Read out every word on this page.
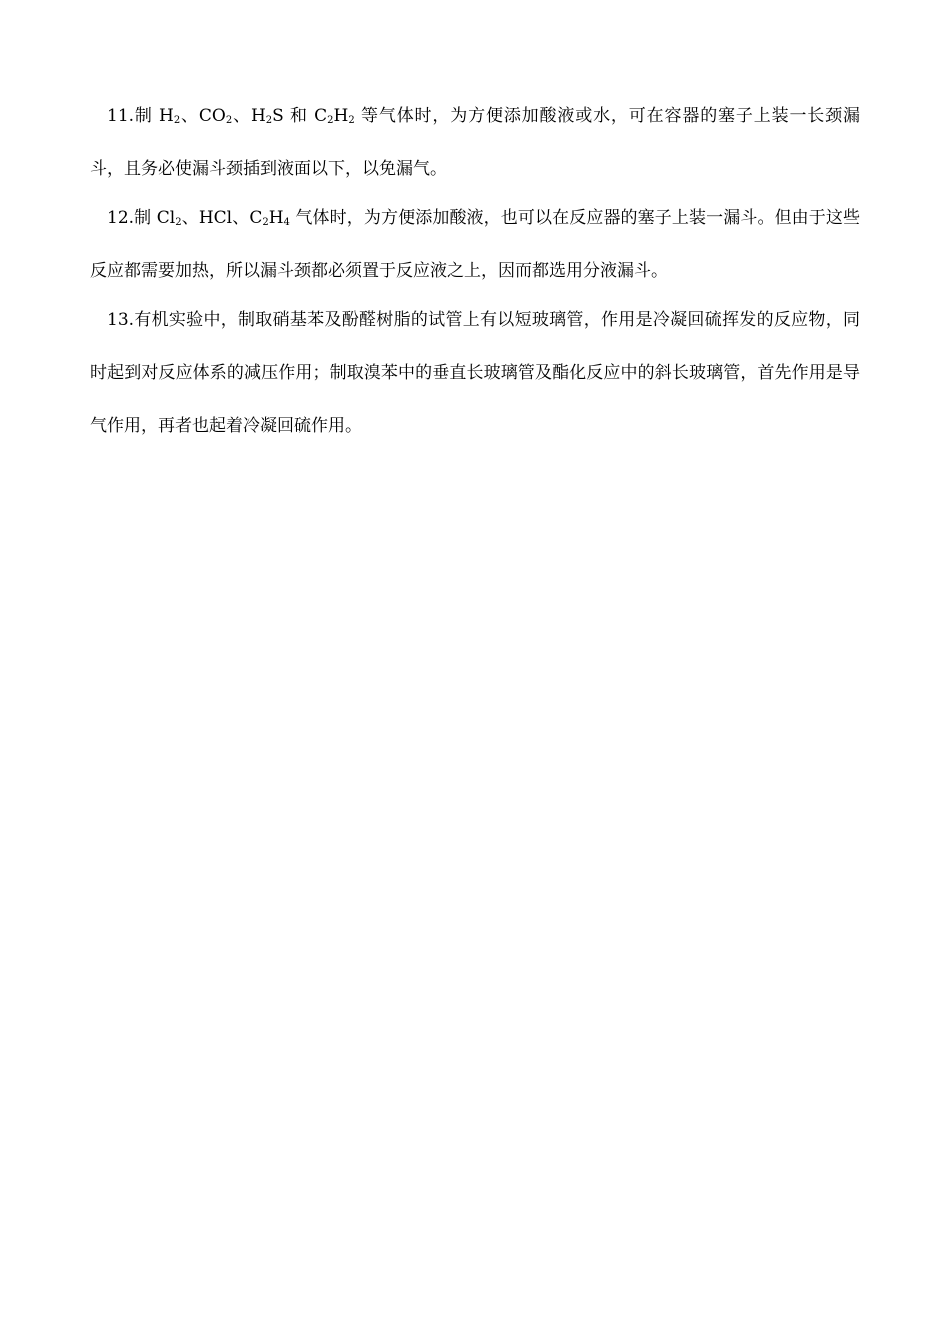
11.制 $H_2$、$CO_2$、$H_2S$ 和 $C_2H_2$ 等气体时，为方便添加酸液或水，可在容器的塞子上装一长颈漏斗，且务必使漏斗颈插到液面以下，以免漏气。

12.制 $Cl_2$、HCl、$C_2H_4$ 气体时，为方便添加酸液，也可以在反应器的塞子上装一漏斗。但由于这些反应都需要加热，所以漏斗颈都必须置于反应液之上，因而都选用分液漏斗。

13.有机实验中，制取硝基苯及酚醛树脂的试管上有以短玻璃管，作用是冷凝回硫挥发的反应物，同时起到对反应体系的减压作用；制取溴苯中的垂直长玻璃管及酯化反应中的斜长玻璃管，首先作用是导气作用，再者也起着冷凝回硫作用。
